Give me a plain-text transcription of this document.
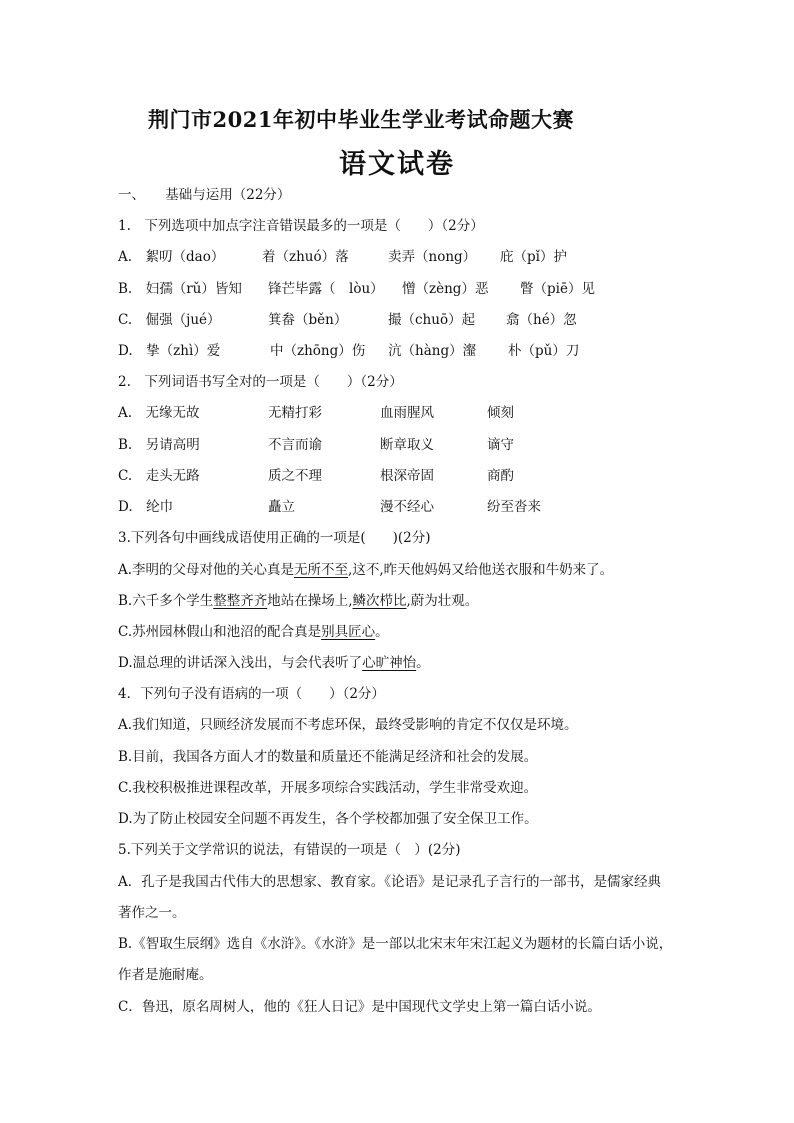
荆门市2021年初中毕业生学业考试命题大赛
语文试卷
一、　　基础与运用（22分）
1.　下列选项中加点字注音错误最多的一项是（　　）（2分）
A.　絮叨（dao）	着（zhuó）落	卖弄（nong） 庇（pǐ）护
B.　妇孺（rǔ）皆知 锋芒毕露（　lòu） 憎（zèng）恶 瞥（piē）见
C.　倔强（jué）	箕畚（běn）	撮（chuō）起 翕（hé）忽
D.　挚（zhì）爱	中（zhōng）伤 沆（hàng）瀣 朴（pǔ）刀
2.　下列词语书写全对的一项是（　　）（2分）
A.　无缘无故	无精打彩	血雨腥风	倾刻
B.　另请高明	不言而谕	断章取义	谪守
C.　走头无路	质之不理	根深帝固	商酌
D.　纶巾	矗立	漫不经心	纷至沓来
3.下列各句中画线成语使用正确的一项是(　　)(2分)
A.李明的父母对他的关心真是无所不至,这不,昨天他妈妈又给他送衣服和牛奶来了。
B.六千多个学生整整齐齐地站在操场上,鳞次栉比,蔚为壮观。
C.苏州园林假山和池沼的配合真是别具匠心。
D.温总理的讲话深入浅出，与会代表听了心旷神怡。
4．下列句子没有语病的一项（　　）（2分）
A.我们知道，只顾经济发展而不考虑环保，最终受影响的肯定不仅仅是环境。
B.目前，我国各方面人才的数量和质量还不能满足经济和社会的发展。
C.我校积极推进课程改革，开展多项综合实践活动，学生非常受欢迎。
D.为了防止校园安全问题不再发生，各个学校都加强了安全保卫工作。
5.下列关于文学常识的说法，有错误的一项是（　）(2分)
A．孔子是我国古代伟大的思想家、教育家。《论语》是记录孔子言行的一部书，是儒家经典
著作之一。
B.《智取生辰纲》选自《水浒》。《水浒》是一部以北宋末年宋江起义为题材的长篇白话小说，
作者是施耐庵。
C．鲁迅，原名周树人，他的《狂人日记》是中国现代文学史上第一篇白话小说。
